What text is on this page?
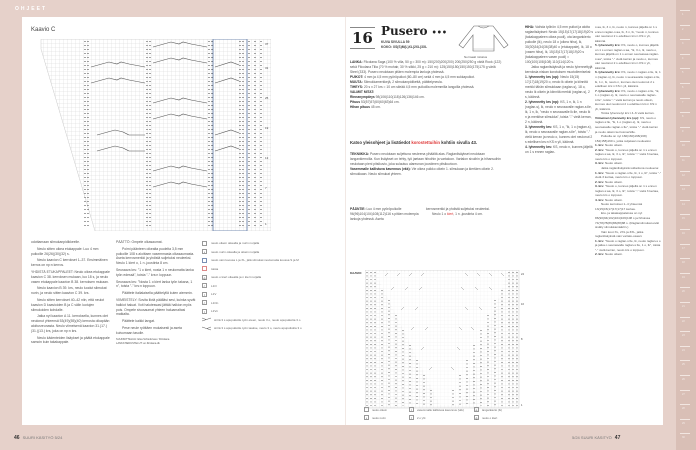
OHJEET
Kaavio C
37
31
25
19
13
7
1

odottamaan silmukanpidikkeelle.

Neulo sitten oikea etukappale: Luo 4 mm puikoille 26(26)(30)(32) s.

Neulo kaavion C kerrokset 1–37. Ensimmäinen kerros on np:n kerros.

YHDISTÄ ETUKAPPALEET: Neulo oikea etukappale kaavion C 38. kerroksen mukaan, luo 18 s, ja neulo vasen etukappale kaavion B 38. kerroksen mukaan.

Neulo kaavion B 39. krs, neulo luodut silmukat nurin, ja neulo sitten kaavion C 39. krs.

Neulo sitten kerrokset 40–42 niin, että neulot kaavion D kaavioiden B ja C välin luotujen silmukoiden kohdalle.

Jatka nyt kaavion A 11. kerroksella, kunnes olet neulonut yhteensä 53(49)(55)(40) kerrosta olkapään aloitusreunasta. Neulo viimeisenä kaavion 31.(17.)(31.)(13.) krs, joka on np:n krs.

Neulo kädenteiden lisäykset ja päätä etukappale samoin kuin takakappale.

PÄÄTTÖ: Ompele olkasaumat.

Poimi päänteen oikealta puolelta 3,5 mm puikoille 108 s aloittaen vasemmasta olkasaumasta. Aseta kerrosmerkki ja yhdistä suljetuksi neuleeksi. Neulo 1 kiert o, 1 n -joustinta 8 cm.

Seuraava krs: "1 o kiert, nosta 1 n neulomatta lanka työn edessä", toista "-" krs:n loppuun.

Seuraava krs: "Nosta 1 o kiert lanka työn takana, 1 n", toista "-" krs:n loppuun.

Päättele italialaisella päättelyllä kuten aiemmin.

VIIMEISTELY: Sovita liiviä päälläsi sesi, kuinka syvät halkiot haluat. Voit halutessasi jättää halkion myös pois. Ompele sivusaumat yhteen haluamaltasi matkalta.

Päättele kaikki langat.

Pese neule ryöttäen mukaisesti ja aseta kuivumaan tasolle.

SUUNNITTELIJA: Elsa Schiefervas / Filcolana LANKATIEDUSTELUT: en.filcolana.dk

neulo oikein oikealla ja nurin nurjalla
•	neulo nurin oikealla ja oikein nurjalla
neulo vain koossa L ja XL, jätä silmukat neulomatta koossa S ja M
toista
ϱ	neulo o kiert oikealla ja n kiert nurjalla
⁄	L1O
\	L1V
⁄	L1On
\	L1Vn
siirrä 3 s apupuikolle työn eteen, neulo 3 o, neulo apupuikolta 3 o
siirrä 3 s apupuikolle työn taakse, neulo 3 o, neulo apupuikolta 3 o
16 Pusero •••
KUVA SIVULLA 59
KOKO: XS(S)M(L)XL(2XL)3XL
Normaali mitoitus
LANKA: Filcolana Saga (100 % villa, 50 g = 300 m): 150(200)200(200) 200(250)250 g väriä Rock (122) sekä Filcolana Tilia (70 % mohair, 30 % silkki, 25 g = 210 m): 125(150)150(150)150(175)175 g väriä Steel (333). Pusero neulotaan pitäen molempia lankoja yhdessä.
PUIKOT: 4 mm ja 4,5 mm pyöröpuikot (60–80 cm) sekä 4 mm ja 4,5 mm sukkapuikot.
MUUTA: Silmukkamerkkejä, 2 silmukanpidikettä, päättelyneula.
TIHEYS: 20 s x 27 krs = 10 cm sileää 4,5 mm puikoilla molemmilla langoilla yhdessä.
VALMIIT MITAT:
Rinnanympärys 98(106)110(118)126(136)146 cm.
Pituus 53(57)57(60)60(63)64 cm.
Hihan pituus 45 cm.
Katso yleisohjeet ja lisätiedot korostettuihin kohtiin sivulla 43.
TEKNIIKKA: Pusero neulotaan suljettuna neuleena ylhäältä alas. Raglanlisäykset neulotaan langankierroilla. Kun lisäykset on tehty, työ jaetaan hihoihin ja vartaloon. Vartalon sivuihin ja hihansuihin neulotaan pieni pitsikuvio, joka sulautuu alareunan joustimen pitsikuvioon.
Vasemmalle kallistuva kavennus (vkk): Vie oikea puikko oikein 1. silmukaan ja kiertäen oikein 2. silmukkaan. Neulo silmukat yhteen.
PÄÄNTIE: Luo 4 mm pyöröpuikolle 96(96)104(104)108(112)116 s pitäen molempia lankoja yhdessä. Aseta
kerrosmerkki ja yhdistä suljetuksi neuleeksi.
Neulo 1 o kiert, 1 n -joustinta 4 cm.
KAAVIO	24
16
8
1
neulo oikein
•	neulo nurin
\	vasemmalle kallistuva kavennus (vkk)
/	2 o yht
o	langankierto (lk)
ϱ	neulo o kiert
HIHA: Vaihda työhön 4,5 mm puikot ja aloita raglanlisäykset: Neulo 15(15)17(17)18(19)20 s (takakappaleen oikea puoli), ota langankierto puikolle (lk), neulo 18 o (oikea hiha), lk, 30(30)34(34)36(38)40 o (etukappale), lk, 18 o (vasen hiha), lk, 15(15)17(17)18(19)20 s (takakappaleen vasen puoli) = 100(100)108(108) 110(114)120 s.
Jatka raglanlisäyksiä ja neulo lyhennettyjä kerroksia niskan korotuksen muotoilemiseksi:
1. lyhennetty krs (op): Neulo 15(15) 17(17)18(19)20 o, neulo lk oikein ja kiinnitä merkki tähän silmukkaan (raglan-s), 18 o, neulo lk oikein ja kiinnitä merkki (raglan-s), 2 s, käännä.
2. lyhennetty krs (np): KS, 1 n, lk, 1 n (raglan-s), lk, neulo n seuraavalle raglan-s:lle, lk, 1 n, lk, "neulo n seuraavalle lk:lle, neulo lk n ja merkitse silmukka", toista "-" vielä kerran, 2 n, käännä.
3. lyhennetty krs: KS, 1 o, "lk, 1 o (raglan-s), lk, neulo o seuraavalle raglan-s:lle", toista "-" vielä kerran ja neulo o, kunnes olet neulonut 2 s edellisen krs:n KS:n yli, käännä.
4. lyhennetty krs: KS, neulo n, kunnes jäljellä on 1 s ennen raglan-
s:aa, lk, 3 n, lk, neulo n, kunnes jäljellä on 1 s ennen raglan-s:aa, lk, 3 n, lk, "neulo n, kunnes olet neulonut 2 s edellisen krs:n KS:n yli, käännä.
5. lyhennetty krs: KS, neulo o, kunnes jäljellä on 1 s ennen raglan-s:aa, "lk, 3 o, lk, neulo o, kunnes jäljellä on 1 s ennen seuraavaa raglan-s:aa", toista "-" vielä kerran ja neulo o, kunnes olet neulonut 2 s edellisen krs:n KS:n yli, käännä.
6. lyhennetty krs: KS, neulo n raglan-s:lle, lk, 1 n (raglan-s), lk, neulo n seuraavalle raglan-s:lle, lk, 1 n, lk, neulo n, kunnes olet neulonut 2 s edellisen krs:n KS:n yli, käännä.
7. lyhennetty krs: KS, neulo o raglan-s:lle, "lk, 1 o (raglan-s), lk, neulo o seuraavalle raglan-s:lle", toista "-" vielä kerran ja neulo oikein, kunnes olet neulonut 2 s edellisen krs:n KS:n yli, käännä.
Toista lyhennetyt krs:t 4–6 vielä kerran.
Viimeinen lyhennetty krs (op): KS, neulo o raglan-s:lle, "lk, 1 o (raglan-s), lk, neulo o seuraavalle raglan-s:lle", toista "-" vielä kerran ja neulo oikein kerrosmerkille.
Puikolla on nyt 160(160)168(168) 152(158)160 s, jotka suljetaan neuleeksi.
1. krs: Neulo oikein.
2. krs: "Neulo o, kunnes jäljellä on 1 s ennen raglan-s:aa, lk, 3 o, lk", toista "-" vielä 3 kertaa, neulo krs o loppuun.
3. krs: Neulo oikein.
Jatka raglanlisäyksiä sulkettuna neuleena:
1. krs: "Neulo o raglan-s:lle, lk, 1 o, lk", toista "-" vielä 3 kertaa, neulo krs o loppuun.
2. krs: Neulo oikein.
3. krs: "Neulo o, kunnes jäljellä on 1 s ennen raglan-s:aa, lk, 3 o, lk", toista "-" vielä 3 kertaa, neulo krs o loppuun.
4. krs: Neulo oikein.
Neulo kerrokset 1–4 yhteensä 13(15)15(17)17(17)17 kertaa.
Etu- ja takakappaleissa on nyt 86(90)94(102)104(106)108 s ja hihoissa 74(78)78(86)86(88)88 s. (Raglansilmukat eivät sisälly silmukkamääriin.)
Vain koot XL, 2XL ja 3XL, jatka raglanlisäyksiä vain vartalo-osaan:
1. krs: "Neulo o raglan-s:lle, lk, neulo raglan-s o ja jatka o seuraavalle raglan-s:lle, 1 o, lk", toista "-" vielä kerran, neulo krs o loppuun.
2. krs: Neulo oikein.
46 SUURI KÄSITYÖ 5/24	5/24 SUURI KÄSITYÖ 47
1
2
3
4
5
6
7
8
9
10
11
12
13
14
15
16
17
18
19
20
21
22
23
24
25
26
27
28
29
30
